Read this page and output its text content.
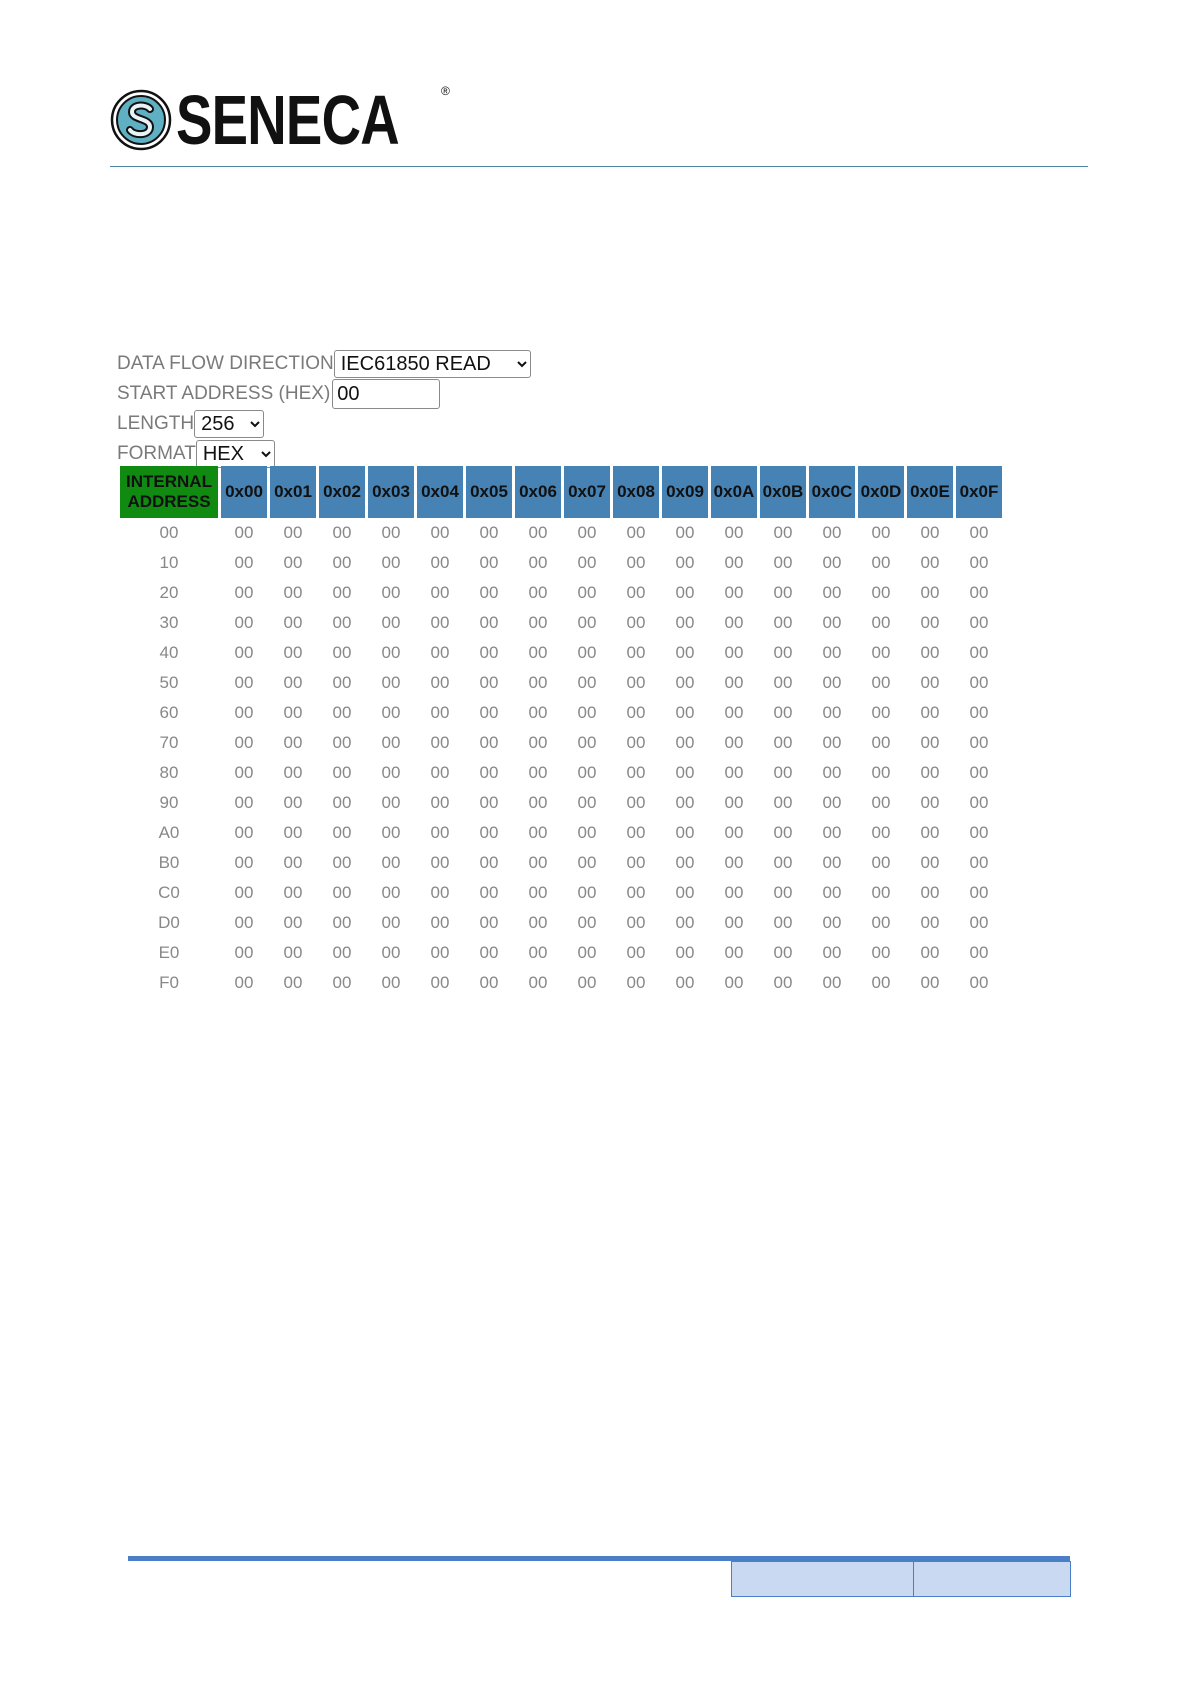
SENECA	®
DATA FLOW DIRECTION
IEC61850 READ
START ADDRESS (HEX)
00
LENGTH
256
FORMAT
HEX
INTERNAL
ADDRESS	0x00	0x01	0x02	0x03	0x04	0x05	0x06	0x07	0x08	0x09	0x0A	0x0B	0x0C	0x0D	0x0E	0x0F
00	00	00	00	00	00	00	00	00	00	00	00	00	00	00	00	00
10	00	00	00	00	00	00	00	00	00	00	00	00	00	00	00	00
20	00	00	00	00	00	00	00	00	00	00	00	00	00	00	00	00
30	00	00	00	00	00	00	00	00	00	00	00	00	00	00	00	00
40	00	00	00	00	00	00	00	00	00	00	00	00	00	00	00	00
50	00	00	00	00	00	00	00	00	00	00	00	00	00	00	00	00
60	00	00	00	00	00	00	00	00	00	00	00	00	00	00	00	00
70	00	00	00	00	00	00	00	00	00	00	00	00	00	00	00	00
80	00	00	00	00	00	00	00	00	00	00	00	00	00	00	00	00
90	00	00	00	00	00	00	00	00	00	00	00	00	00	00	00	00
A0	00	00	00	00	00	00	00	00	00	00	00	00	00	00	00	00
B0	00	00	00	00	00	00	00	00	00	00	00	00	00	00	00	00
C0	00	00	00	00	00	00	00	00	00	00	00	00	00	00	00	00
D0	00	00	00	00	00	00	00	00	00	00	00	00	00	00	00	00
E0	00	00	00	00	00	00	00	00	00	00	00	00	00	00	00	00
F0	00	00	00	00	00	00	00	00	00	00	00	00	00	00	00	00
